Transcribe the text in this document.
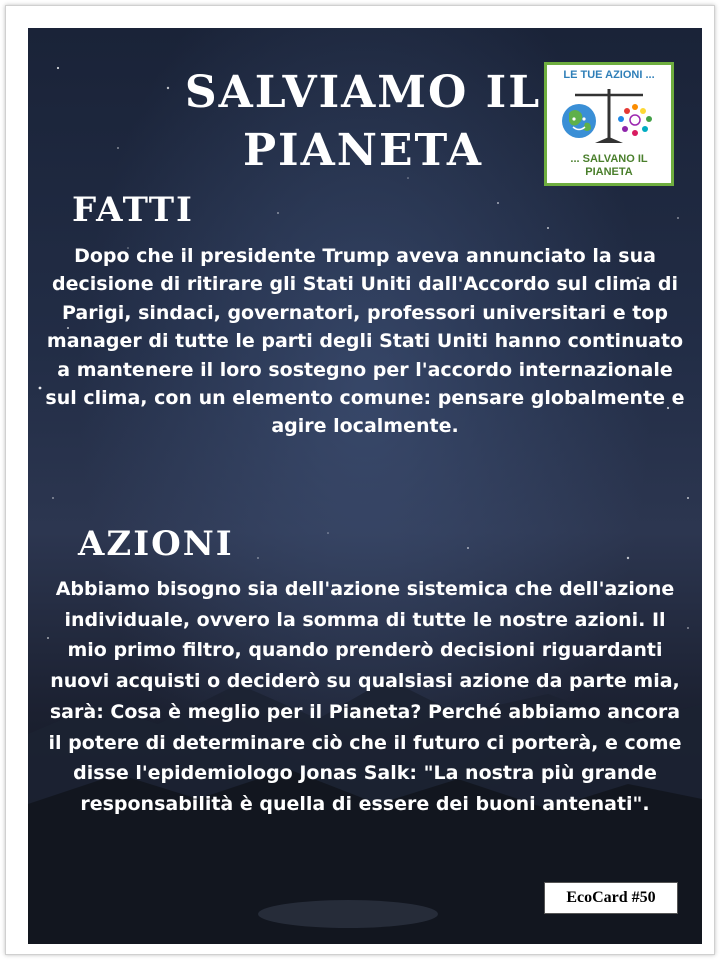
SALVIAMO IL PIANETA
LE TUE AZIONI ...
... SALVANO IL PIANETA
FATTI
Dopo che il presidente Trump aveva annunciato la sua decisione di ritirare gli Stati Uniti dall'Accordo sul clima di Parigi, sindaci, governatori, professori universitari e top manager di tutte le parti degli Stati Uniti hanno continuato a mantenere il loro sostegno per l'accordo internazionale sul clima, con un elemento comune: pensare globalmente e agire localmente.
AZIONI
Abbiamo bisogno sia dell'azione sistemica che dell'azione individuale, ovvero la somma di tutte le nostre azioni. Il mio primo filtro, quando prenderò decisioni riguardanti nuovi acquisti o deciderò su qualsiasi azione da parte mia, sarà: Cosa è meglio per il Pianeta? Perché abbiamo ancora il potere di determinare ciò che il futuro ci porterà, e come disse l'epidemiologo Jonas Salk: "La nostra più grande responsabilità è quella di essere dei buoni antenati".
EcoCard #50
